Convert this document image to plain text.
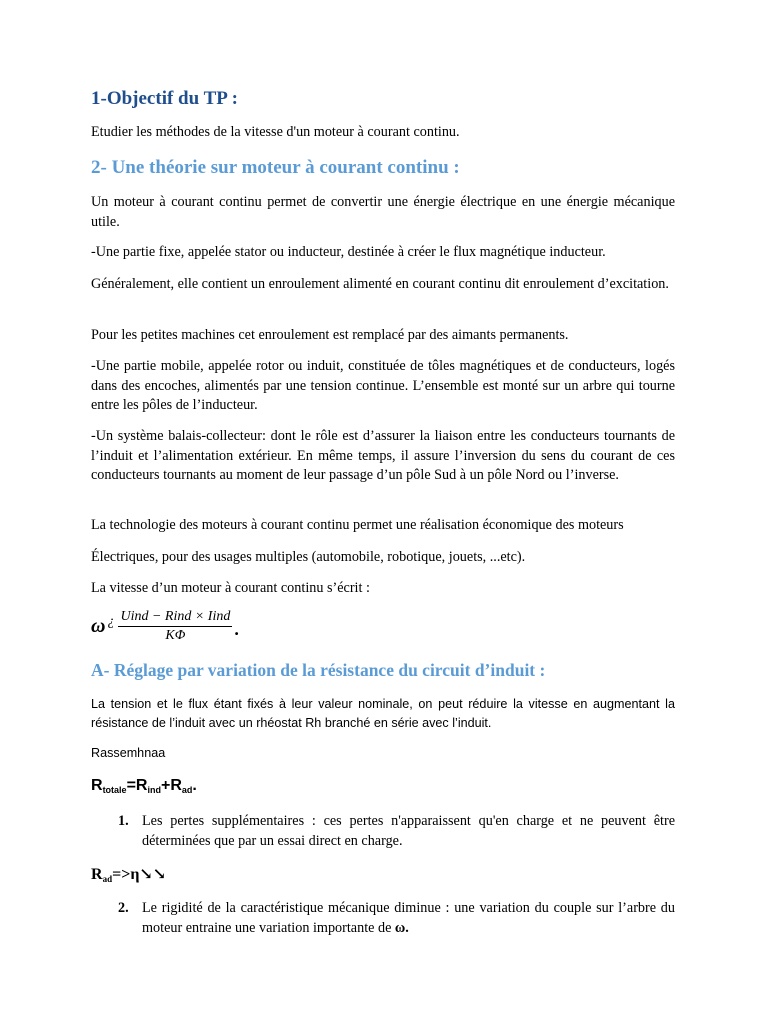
1-Objectif du TP :
Etudier les méthodes de la vitesse d'un moteur à courant continu.
2- Une théorie sur moteur à courant continu :
Un moteur à courant continu permet de convertir une énergie électrique en une énergie mécanique utile.
-Une partie fixe, appelée stator ou inducteur, destinée à créer le flux magnétique inducteur.
Généralement, elle contient un enroulement alimenté en courant continu dit enroulement d’excitation.
Pour les petites machines cet enroulement est remplacé par des aimants permanents.
-Une partie mobile, appelée rotor ou induit, constituée de tôles magnétiques et de conducteurs, logés dans des encoches, alimentés par une tension continue. L’ensemble est monté sur un arbre qui tourne entre les pôles de l’inducteur.
-Un système balais-collecteur: dont le rôle est d’assurer la liaison entre les conducteurs tournants de l’induit et l’alimentation extérieur. En même temps, il assure l’inversion du sens du courant de ces conducteurs tournants au moment de leur passage d’un pôle Sud à un pôle Nord ou l’inverse.
La technologie des moteurs à courant continu permet une réalisation économique des moteurs
Électriques, pour des usages multiples (automobile, robotique, jouets, ...etc).
La vitesse d’un moteur à courant continu s’écrit :
ω ¿ $\frac{\text{Uind − Rind × Iind}}{K\Phi}$ .
A- Réglage par variation de la résistance du circuit d’induit :
La tension et le flux étant fixés à leur valeur nominale, on peut réduire la vitesse en augmentant la résistance de l’induit avec un rhéostat Rh branché en série avec l’induit.
Rassemhnaa
$R_{totale}=R_{ind}+R_{ad}$.
1. Les pertes supplémentaires : ces pertes n'apparaissent qu'en charge et ne peuvent être déterminées que par un essai direct en charge.
$R_{ad}=>\eta↘↘$
2. Le rigidité de la caractéristique mécanique diminue : une variation du couple sur l’arbre du moteur entraine une variation importante de ω.
